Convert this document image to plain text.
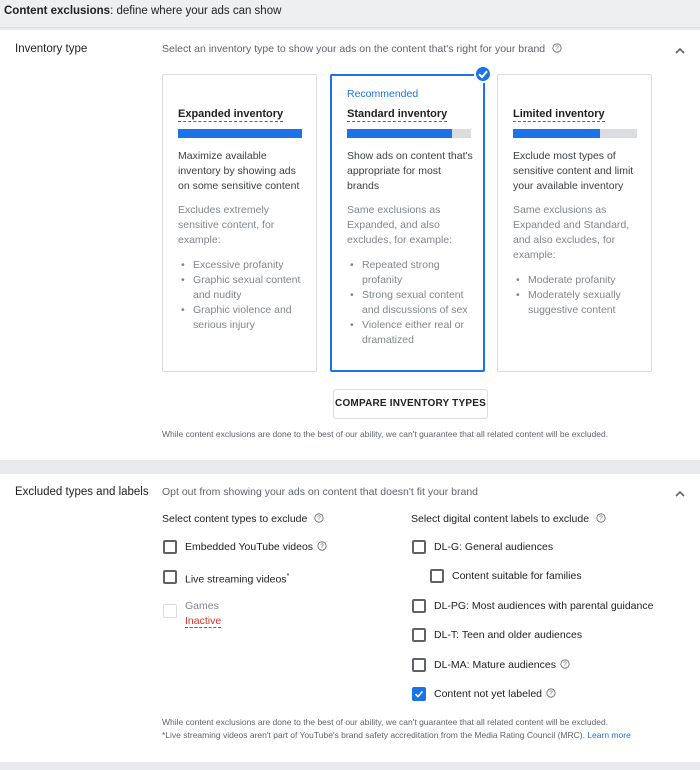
Content exclusions: define where your ads can show
Inventory type	Select an inventory type to show your ads on the content that's right for your brand ?
Expanded inventory
Maximize available inventory by showing ads on some sensitive content
Excludes extremely sensitive content, for example:
• Excessive profanity
• Graphic sexual content and nudity
• Graphic violence and serious injury
Recommended
Standard inventory
Show ads on content that's appropriate for most brands
Same exclusions as Expanded, and also excludes, for example:
• Repeated strong profanity
• Strong sexual content and discussions of sex
• Violence either real or dramatized
Limited inventory
Exclude most types of sensitive content and limit your available inventory
Same exclusions as Expanded and Standard, and also excludes, for example:
• Moderate profanity
• Moderately sexually suggestive content
COMPARE INVENTORY TYPES
While content exclusions are done to the best of our ability, we can't guarantee that all related content will be excluded.
Excluded types and labels Opt out from showing your ads on content that doesn't fit your brand
Select content types to exclude ?	Select digital content labels to exclude ?
Embedded YouTube videos ?
Live streaming videos*
Games
Inactive
DL-G: General audiences
Content suitable for families
DL-PG: Most audiences with parental guidance
DL-T: Teen and older audiences
DL-MA: Mature audiences ?
Content not yet labeled ?
While content exclusions are done to the best of our ability, we can't guarantee that all related content will be excluded.
*Live streaming videos aren't part of YouTube's brand safety accreditation from the Media Rating Council (MRC). Learn more
